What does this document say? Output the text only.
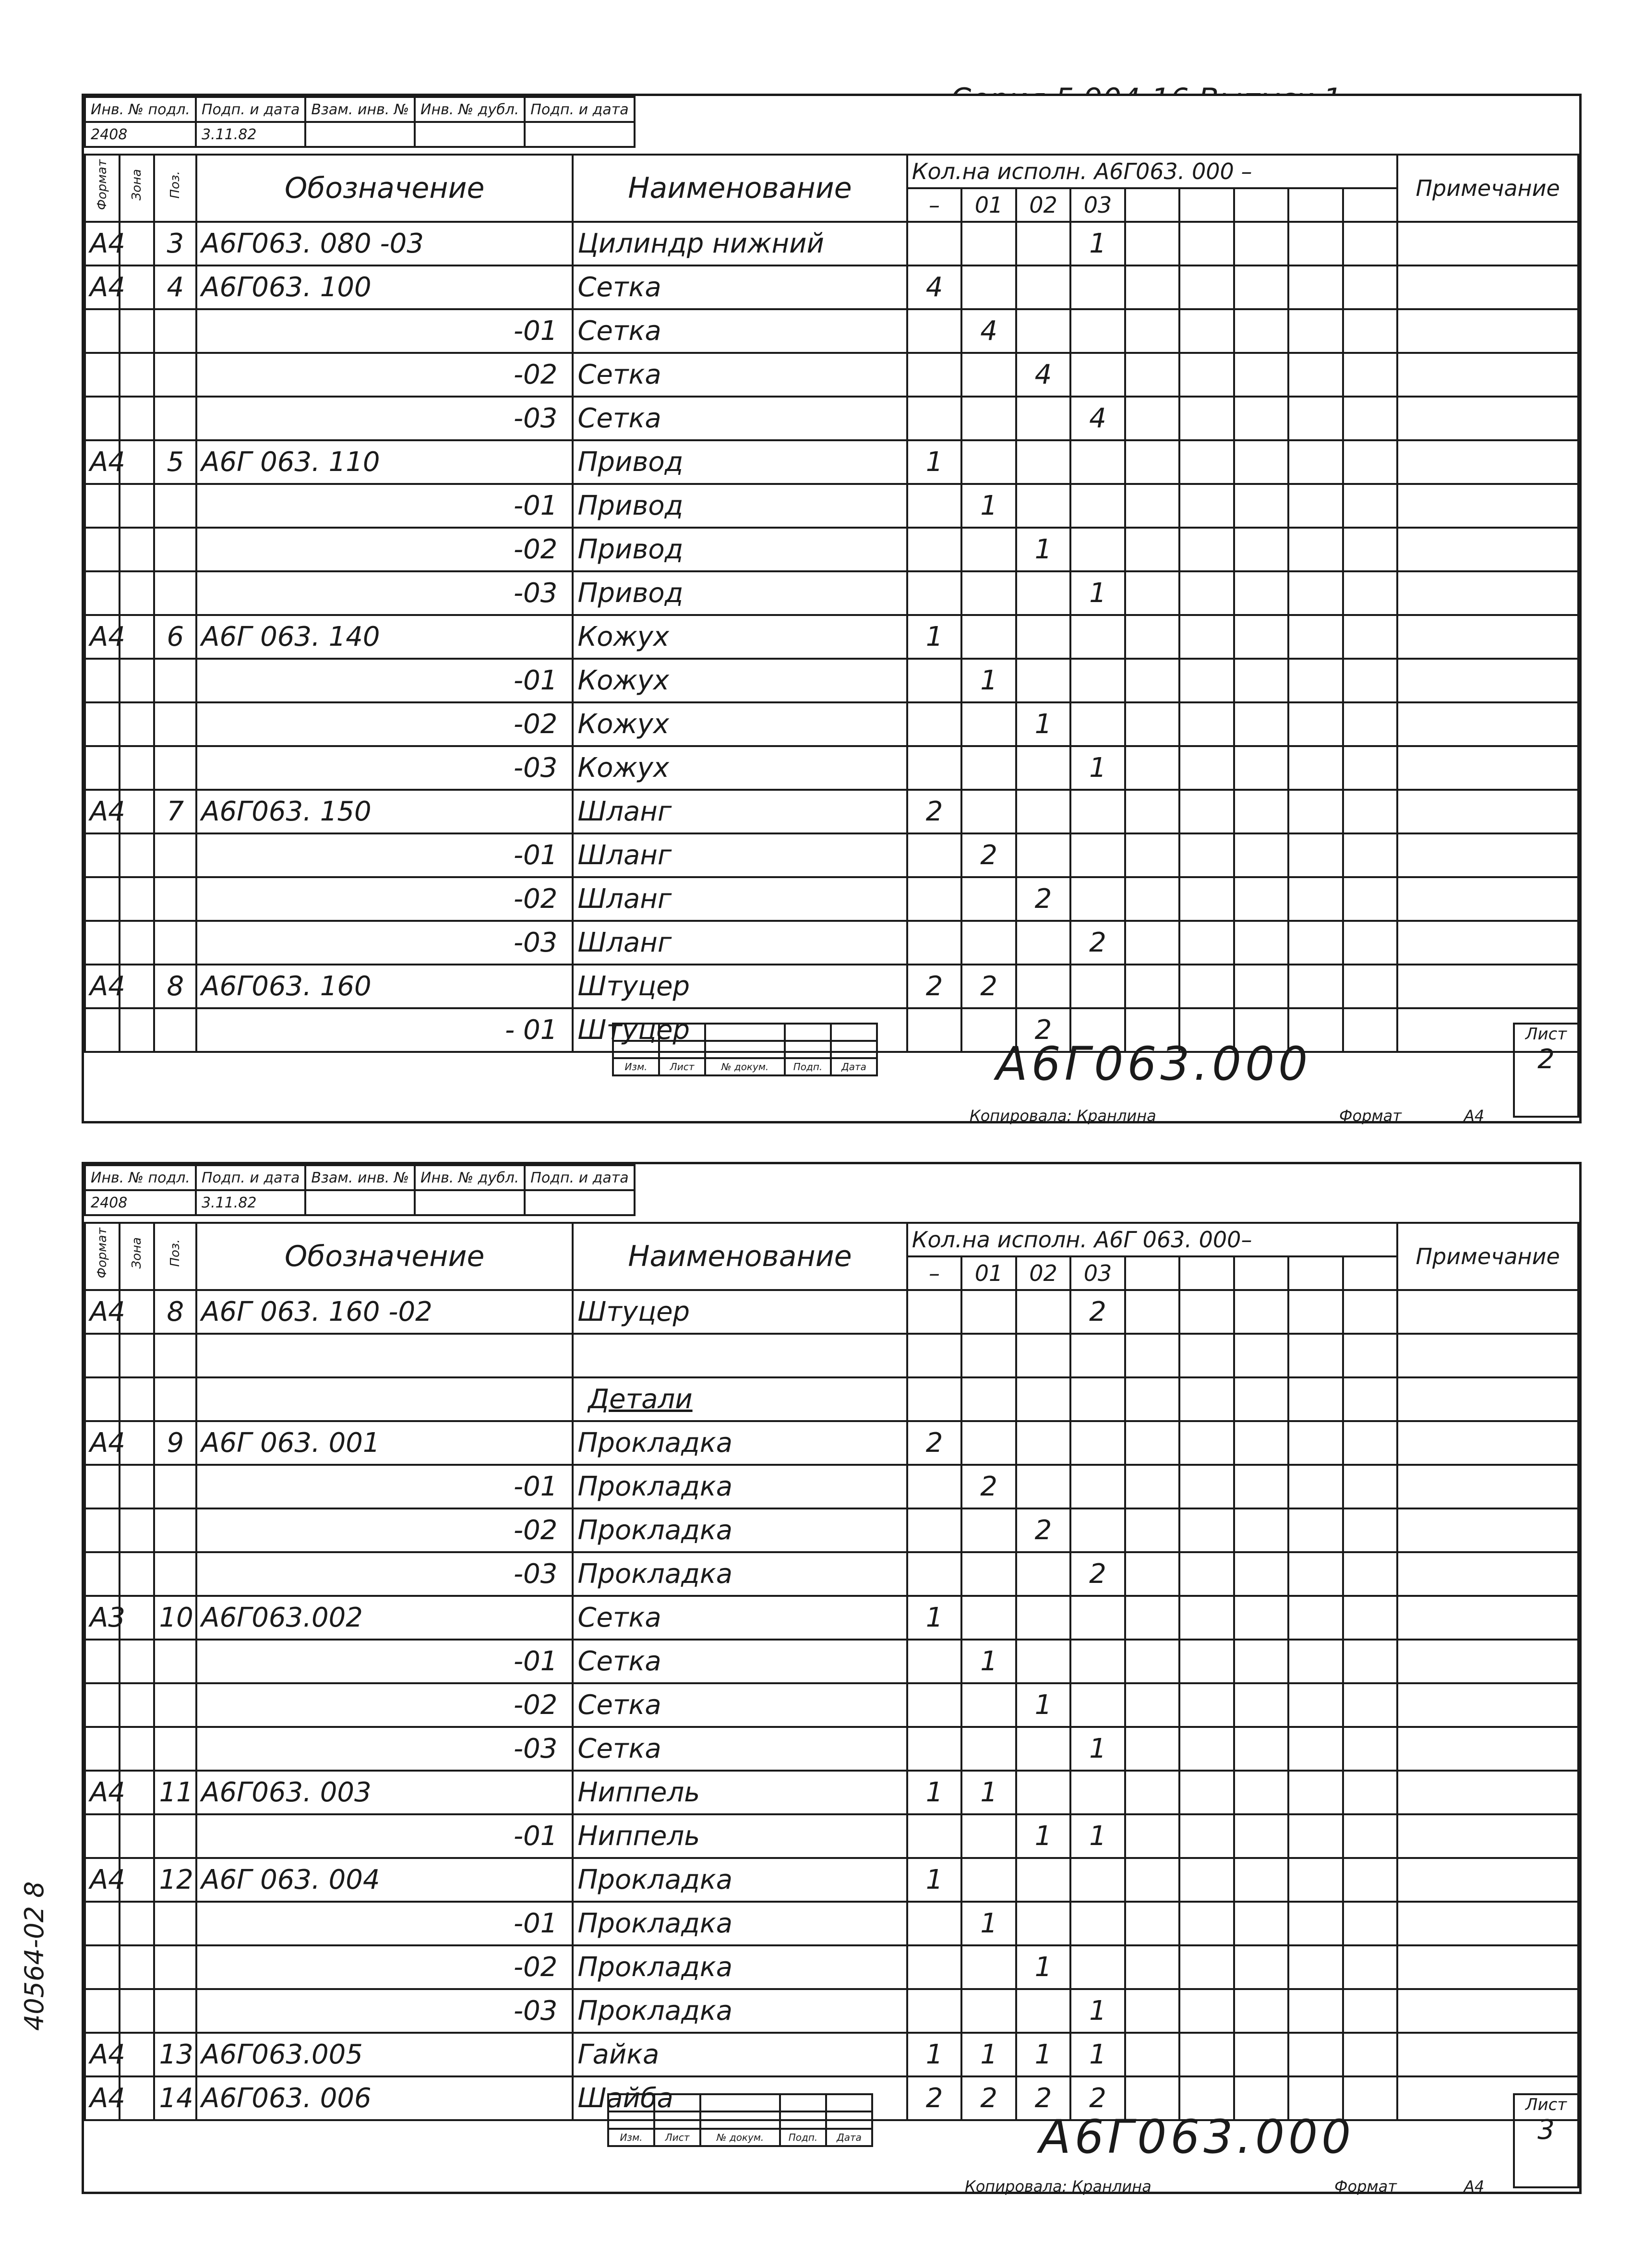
Инв. № подл.	Подп. и дата	Взам. инв. №	Инв. № дубл.	Подп. и дата
2408	3.11.82			
Формат	Зона	Поз.	Обозначение	Наименование	Кол.на исполн. А6Г063. 000 –									Примечание
					–	01	02	03						
А4		3	А6Г063. 080 -03	Цилиндр нижний				1						
А4		4	А6Г063. 100	Сетка	4									
			-01	Сетка		4								
			-02	Сетка			4							
			-03	Сетка				4						
А4		5	А6Г 063. 110	Привод	1									
			-01	Привод		1								
			-02	Привод			1							
			-03	Привод				1						
А4		6	А6Г 063. 140	Кожух	1									
			-01	Кожух		1								
			-02	Кожух			1							
			-03	Кожух				1						
А4		7	А6Г063. 150	Шланг	2									
			-01	Шланг		2								
			-02	Шланг			2							
			-03	Шланг				2						
А4		8	А6Г063. 160	Штуцер	2	2								
			- 01	Штуцер			2							

Изм.	Лист	№ докум.	Подп.	Дата	А6Г063.000
Лист
2
Копировала: Кранлина	Формат	А4
Инв. № подл.	Подп. и дата	Взам. инв. №	Инв. № дубл.	Подп. и дата
2408	3.11.82			
Формат	Зона	Поз.	Обозначение	Наименование	Кол.на исполн. А6Г 063. 000–									Примечание
					–	01	02	03						
А4		8	А6Г 063. 160 -02	Штуцер				2						

				Детали										
А4		9	А6Г 063. 001	Прокладка	2									
			-01	Прокладка		2								
			-02	Прокладка			2							
			-03	Прокладка				2						
А3		10	А6Г063.002	Сетка	1									
			-01	Сетка		1								
			-02	Сетка			1							
			-03	Сетка				1						
А4		11	А6Г063. 003	Ниппель	1	1								
			-01	Ниппель			1	1						
А4		12	А6Г 063. 004	Прокладка	1									
			-01	Прокладка		1								
			-02	Прокладка			1							
			-03	Прокладка				1						
А4		13	А6Г063.005	Гайка	1	1	1	1						
А4		14	А6Г063. 006	Шайба	2	2	2	2						

Изм.	Лист	№ докум.	Подп.	Дата	А6Г063.000
Лист
3
Копировала: Кранлина	Формат	А4
40564-02 8
